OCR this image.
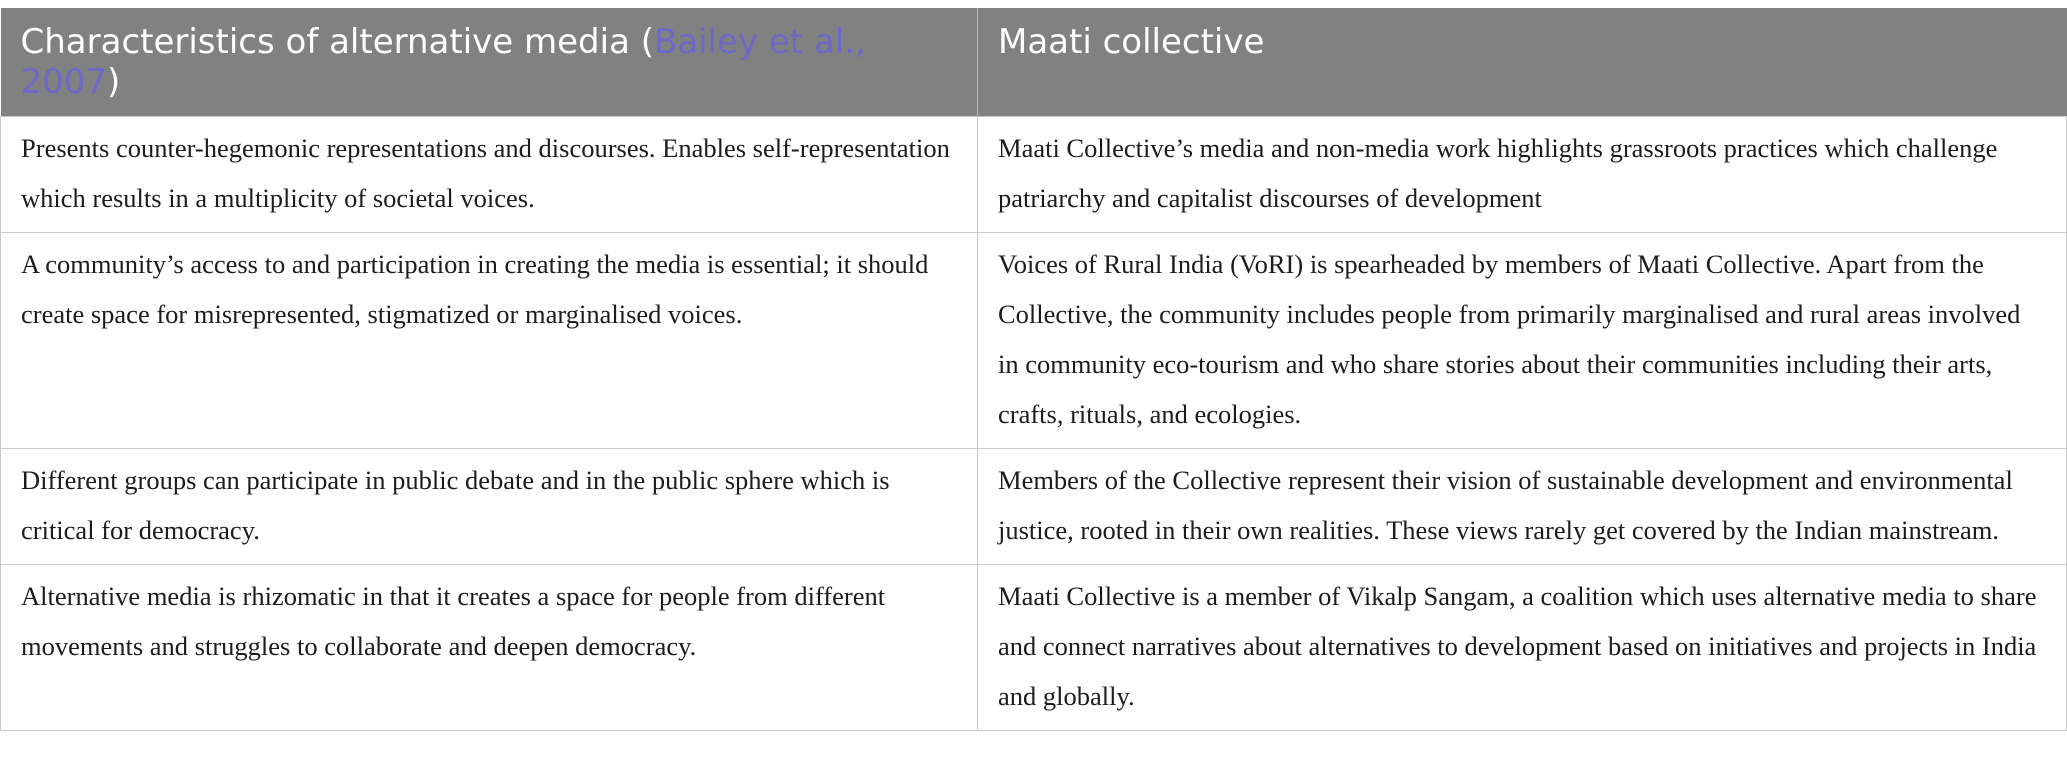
Characteristics of alternative media (Bailey et al., 2007)	Maati collective
Presents counter-hegemonic representations and discourses. Enables self-representation which results in a multiplicity of societal voices.	Maati Collective’s media and non-media work highlights grassroots practices which challenge patriarchy and capitalist discourses of development
A community’s access to and participation in creating the media is essential; it should create space for misrepresented, stigmatized or marginalised voices.	Voices of Rural India (VoRI) is spearheaded by members of Maati Collective. Apart from the Collective, the community includes people from primarily marginalised and rural areas involved in community eco-tourism and who share stories about their communities including their arts, crafts, rituals, and ecologies.
Different groups can participate in public debate and in the public sphere which is critical for democracy.	Members of the Collective represent their vision of sustainable development and environmental justice, rooted in their own realities. These views rarely get covered by the Indian mainstream.
Alternative media is rhizomatic in that it creates a space for people from different movements and struggles to collaborate and deepen democracy.	Maati Collective is a member of Vikalp Sangam, a coalition which uses alternative media to share and connect narratives about alternatives to development based on initiatives and projects in India and globally.
